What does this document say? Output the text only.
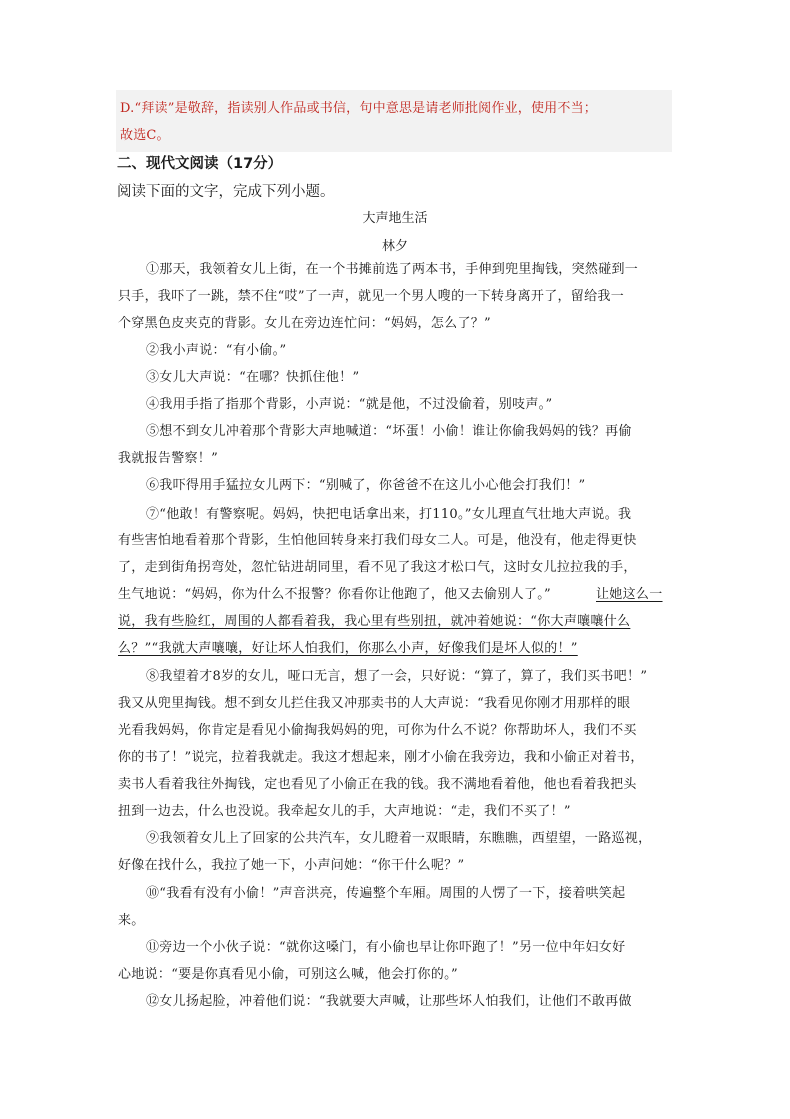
D.“拜读”是敬辞，指读别人作品或书信，句中意思是请老师批阅作业，使用不当；
故选C。
二、现代文阅读（17分）
阅读下面的文字，完成下列小题。
大声地生活
林夕
①那天，我领着女儿上街，在一个书摊前选了两本书，手伸到兜里掏钱，突然碰到一
只手，我吓了一跳，禁不住“哎”了一声，就见一个男人嗖的一下转身离开了，留给我一
个穿黑色皮夹克的背影。女儿在旁边连忙问：“妈妈，怎么了？”
②我小声说：“有小偷。”
③女儿大声说：“在哪？快抓住他！”
④我用手指了指那个背影，小声说：“就是他，不过没偷着，别吱声。”
⑤想不到女儿冲着那个背影大声地喊道：“坏蛋！小偷！谁让你偷我妈妈的钱？再偷
我就报告警察！”
⑥我吓得用手猛拉女儿两下：“别喊了，你爸爸不在这儿小心他会打我们！”
⑦“他敢！有警察呢。妈妈，快把电话拿出来，打110。”女儿理直气壮地大声说。我
有些害怕地看着那个背影，生怕他回转身来打我们母女二人。可是，他没有，他走得更快
了，走到街角拐弯处，忽忙钻进胡同里，看不见了我这才松口气，这时女儿拉拉我的手，
生气地说：“妈妈，你为什么不报警？你看你让他跑了，他又去偷别人了。”	让她这么一
说，我有些脸红，周围的人都看着我，我心里有些别扭，就冲着她说：“你大声嚷嚷什么
么？”“我就大声嚷嚷，好让坏人怕我们，你那么小声，好像我们是坏人似的！”
⑧我望着才8岁的女儿，哑口无言，想了一会，只好说：“算了，算了，我们买书吧！”
我又从兜里掏钱。想不到女儿拦住我又冲那卖书的人大声说：“我看见你刚才用那样的眼
光看我妈妈，你肯定是看见小偷掏我妈妈的兜，可你为什么不说？你帮助坏人，我们不买
你的书了！”说完，拉着我就走。我这才想起来，刚才小偷在我旁边，我和小偷正对着书，
卖书人看着我往外掏钱，定也看见了小偷正在我的钱。我不满地看着他，他也看着我把头
扭到一边去，什么也没说。我牵起女儿的手，大声地说：“走，我们不买了！”
⑨我领着女儿上了回家的公共汽车，女儿瞪着一双眼睛，东瞧瞧，西望望，一路巡视，
好像在找什么，我拉了她一下，小声问她：“你干什么呢？”
⑩“我看有没有小偷！”声音洪亮，传遍整个车厢。周围的人愣了一下，接着哄笑起
来。
⑪旁边一个小伙子说：“就你这嗓门，有小偷也早让你吓跑了！”另一位中年妇女好
心地说：“要是你真看见小偷，可别这么喊，他会打你的。”
⑫女儿扬起脸，冲着他们说：“我就要大声喊，让那些坏人怕我们，让他们不敢再做
